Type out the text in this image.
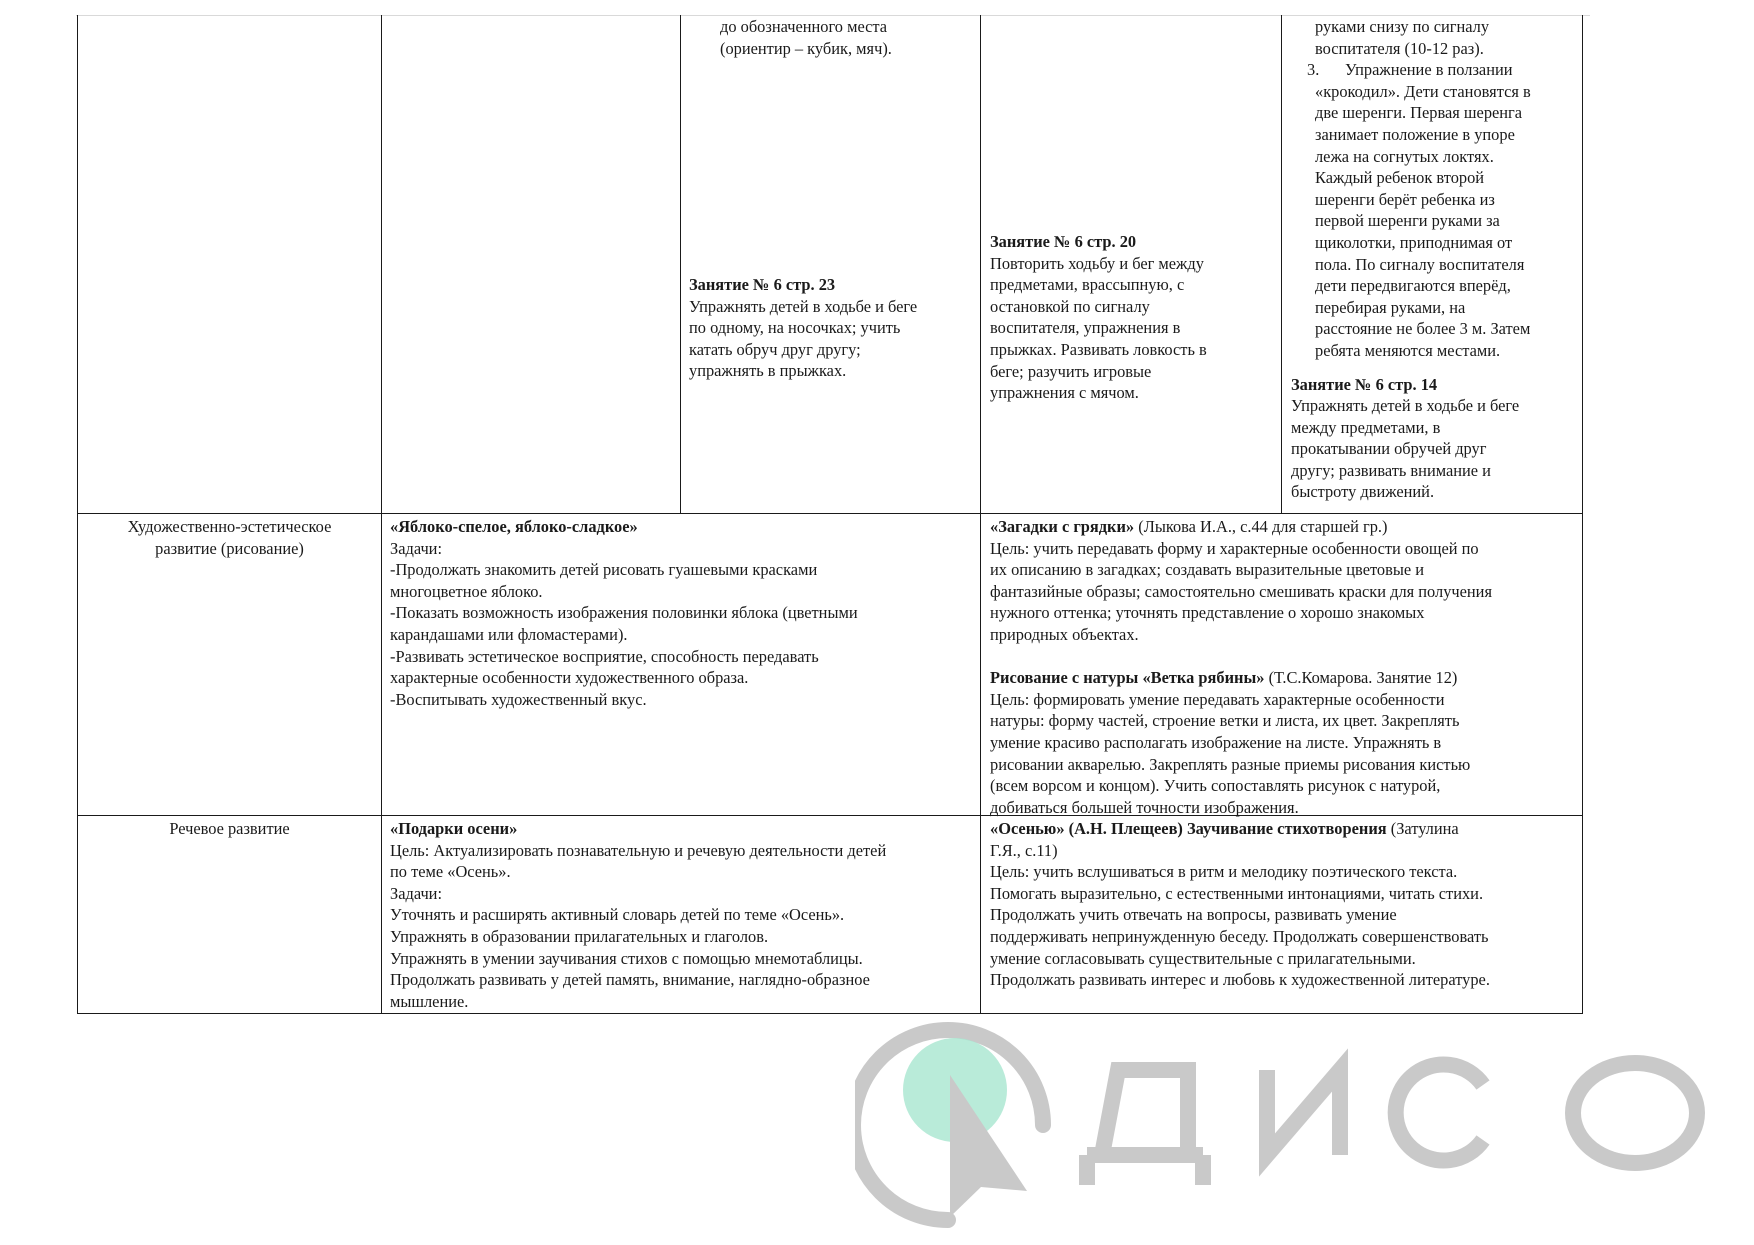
до обозначенного места
(ориентир – кубик, мяч).
Занятие № 6 стр. 23
Упражнять детей в ходьбе и беге
по одному, на носочках; учить
катать обруч друг другу;
упражнять в прыжках.
Занятие № 6 стр. 20
Повторить ходьбу и бег между
предметами, врассыпную, с
остановкой по сигналу
воспитателя, упражнения в
прыжках. Развивать ловкость в
беге; разучить игровые
упражнения с мячом.
руками снизу по сигналу
воспитателя (10-12 раз).
3.	Упражнение в ползании
«крокодил». Дети становятся в
две шеренги. Первая шеренга
занимает положение в упоре
лежа на согнутых локтях.
Каждый ребенок второй
шеренги берёт ребенка из
первой шеренги руками за
щиколотки, приподнимая от
пола. По сигналу воспитателя
дети передвигаются вперёд,
перебирая руками, на
расстояние не более 3 м. Затем
ребята меняются местами.
Занятие № 6 стр. 14
Упражнять детей в ходьбе и беге
между предметами, в
прокатывании обручей друг
другу; развивать внимание и
быстроту движений.
Художественно-эстетическое
развитие (рисование)
«Яблоко-спелое, яблоко-сладкое»
Задачи:
-Продолжать знакомить детей рисовать гуашевыми красками
многоцветное яблоко.
-Показать возможность изображения половинки яблока (цветными
карандашами или фломастерами).
-Развивать эстетическое восприятие, способность передавать
характерные особенности художественного образа.
-Воспитывать художественный вкус.
«Загадки с грядки» (Лыкова И.А., с.44 для старшей гр.)
Цель: учить передавать форму и характерные особенности овощей по
их описанию в загадках; создавать выразительные цветовые и
фантазийные образы; самостоятельно смешивать краски для получения
нужного оттенка; уточнять представление о хорошо знакомых
природных объектах.
Рисование с натуры «Ветка рябины» (Т.С.Комарова. Занятие 12)
Цель: формировать умение передавать характерные особенности
натуры: форму частей, строение ветки и листа, их цвет. Закреплять
умение красиво располагать изображение на листе. Упражнять в
рисовании акварелью. Закреплять разные приемы рисования кистью
(всем ворсом и концом). Учить сопоставлять рисунок с натурой,
добиваться большей точности изображения.
Речевое развитие	«Подарки осени»
Цель: Актуализировать познавательную и речевую деятельности детей
по теме «Осень».
Задачи:
Уточнять и расширять активный словарь детей по теме «Осень».
Упражнять в образовании прилагательных и глаголов.
Упражнять в умении заучивания стихов с помощью мнемотаблицы.
Продолжать развивать у детей память, внимание, наглядно-образное
мышление.
«Осенью» (А.Н. Плещеев) Заучивание стихотворения (Затулина
Г.Я., с.11)
Цель: учить вслушиваться в ритм и мелодику поэтического текста.
Помогать выразительно, с естественными интонациями, читать стихи.
Продолжать учить отвечать на вопросы, развивать умение
поддерживать непринужденную беседу. Продолжать совершенствовать
умение согласовывать существительные с прилагательными.
Продолжать развивать интерес и любовь к художественной литературе.
